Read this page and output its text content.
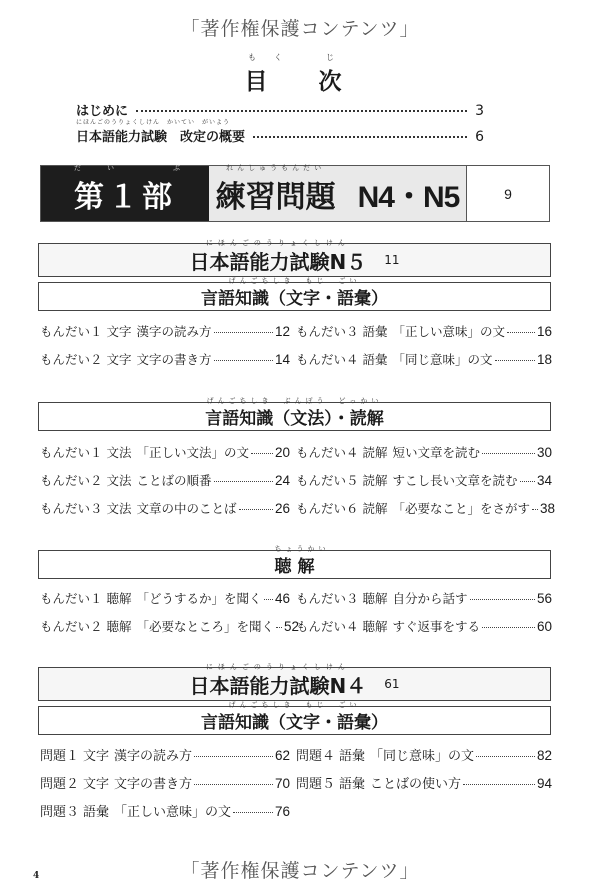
「著作権保護コンテンツ」
もく　じ
目　次
はじめに	3
にほんごのうりょくしけん　かいてい　がいよう
日本語能力試験　改定の概要	6
だい　ぶ
第１部
れんしゅうもんだい
練習問題 N4・N5	9
にほんごのうりょくしけん
日本語能力試験N５ 11
げんごちしき　もじ　ごい
言語知識（文字・語彙）
もんだい１ 文字 漢字の読み方	12
もんだい２ 文字 文字の書き方	14
もんだい３ 語彙 「正しい意味」の文 16
もんだい４ 語彙 「同じ意味」の文	18
げんごちしき　ぶんぽう　どっかい
言語知識（文法）・読解
もんだい１ 文法 「正しい文法」の文 20
もんだい２ 文法 ことばの順番	24
もんだい３ 文法 文章の中のことば	26
もんだい４ 読解 短い文章を読む	30
もんだい５ 読解 すこし長い文章を読む 34
もんだい６ 読解 「必要なこと」をさがす 38
ちょうかい
聴 解
もんだい１ 聴解 「どうするか」を聞く 46
もんだい２ 聴解 「必要なところ」を聞く 52
もんだい３ 聴解 自分から話す	56
もんだい４ 聴解 すぐ返事をする	60
にほんごのうりょくしけん
日本語能力試験N４ 61
げんごちしき　もじ　ごい
言語知識（文字・語彙）
問題１ 文字 漢字の読み方	62
問題２ 文字 文字の書き方	70
問題３ 語彙 「正しい意味」の文	76
問題４ 語彙 「同じ意味」の文	82
問題５ 語彙 ことばの使い方	94
4	「著作権保護コンテンツ」
